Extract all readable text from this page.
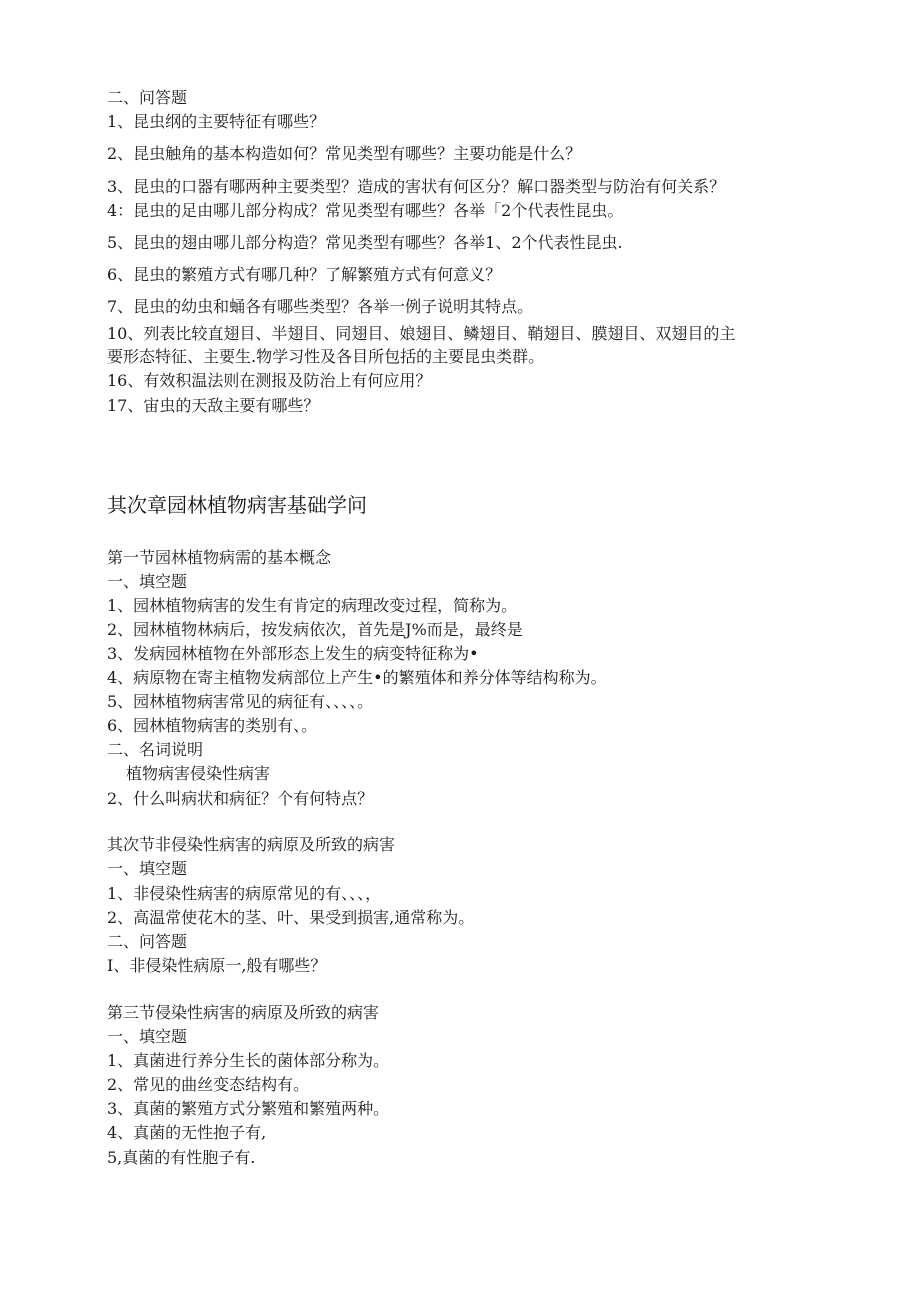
二、问答题
1、昆虫纲的主要特征有哪些？
2、昆虫触角的基本构造如何？常见类型有哪些？主要功能是什么？
3、昆虫的口器有哪两种主要类型？造成的害状有何区分？解口器类型与防治有何关系？
4：昆虫的足由哪儿部分构成？常见类型有哪些？各举「2个代表性昆虫。
5、昆虫的翅由哪儿部分构造？常见类型有哪些？各举1、2个代表性昆虫.
6、昆虫的繁殖方式有哪几种？了解繁殖方式有何意义？
7、昆虫的幼虫和蛹各有哪些类型？各举一例子说明其特点。
10、列表比较直翅目、半翅目、同翅目、娘翅目、鳞翅目、鞘翅目、膜翅目、双翅目的主
要形态特征、主要生.物学习性及各目所包括的主要昆虫类群。
16、有效积温法则在测报及防治上有何应用？
17、宙虫的天敌主要有哪些？
其次章园林植物病害基础学问
第一节园林植物病需的基本概念
一、填空题
1、园林植物病害的发生有肯定的病理改变过程，简称为。
2、园林植物林病后，按发病依次，首先是J%而是，最终是
3、发病园林植物在外部形态上发生的病变特征称为•
4、病原物在寄主植物发病部位上产生•的繁殖体和养分体等结构称为。
5、园林植物病害常见的病征有、、、、。
6、园林植物病害的类别有、。
二、名词说明
植物病害侵染性病害
2、什么叫病状和病征？个有何特点？
其次节非侵染性病害的病原及所致的病害
一、填空题
1、非侵染性病害的病原常见的有、、、，
2、高温常使花木的茎、叶、果受到损害,通常称为。
二、问答题
I、非侵染性病原一,般有哪些？
第三节侵染性病害的病原及所致的病害
一、填空题
1、真菌进行养分生长的菌体部分称为。
2、常见的曲丝变态结构有。
3、真菌的繁殖方式分繁殖和繁殖两种。
4、真菌的无性抱子有,
5,真菌的有性胞子有.
